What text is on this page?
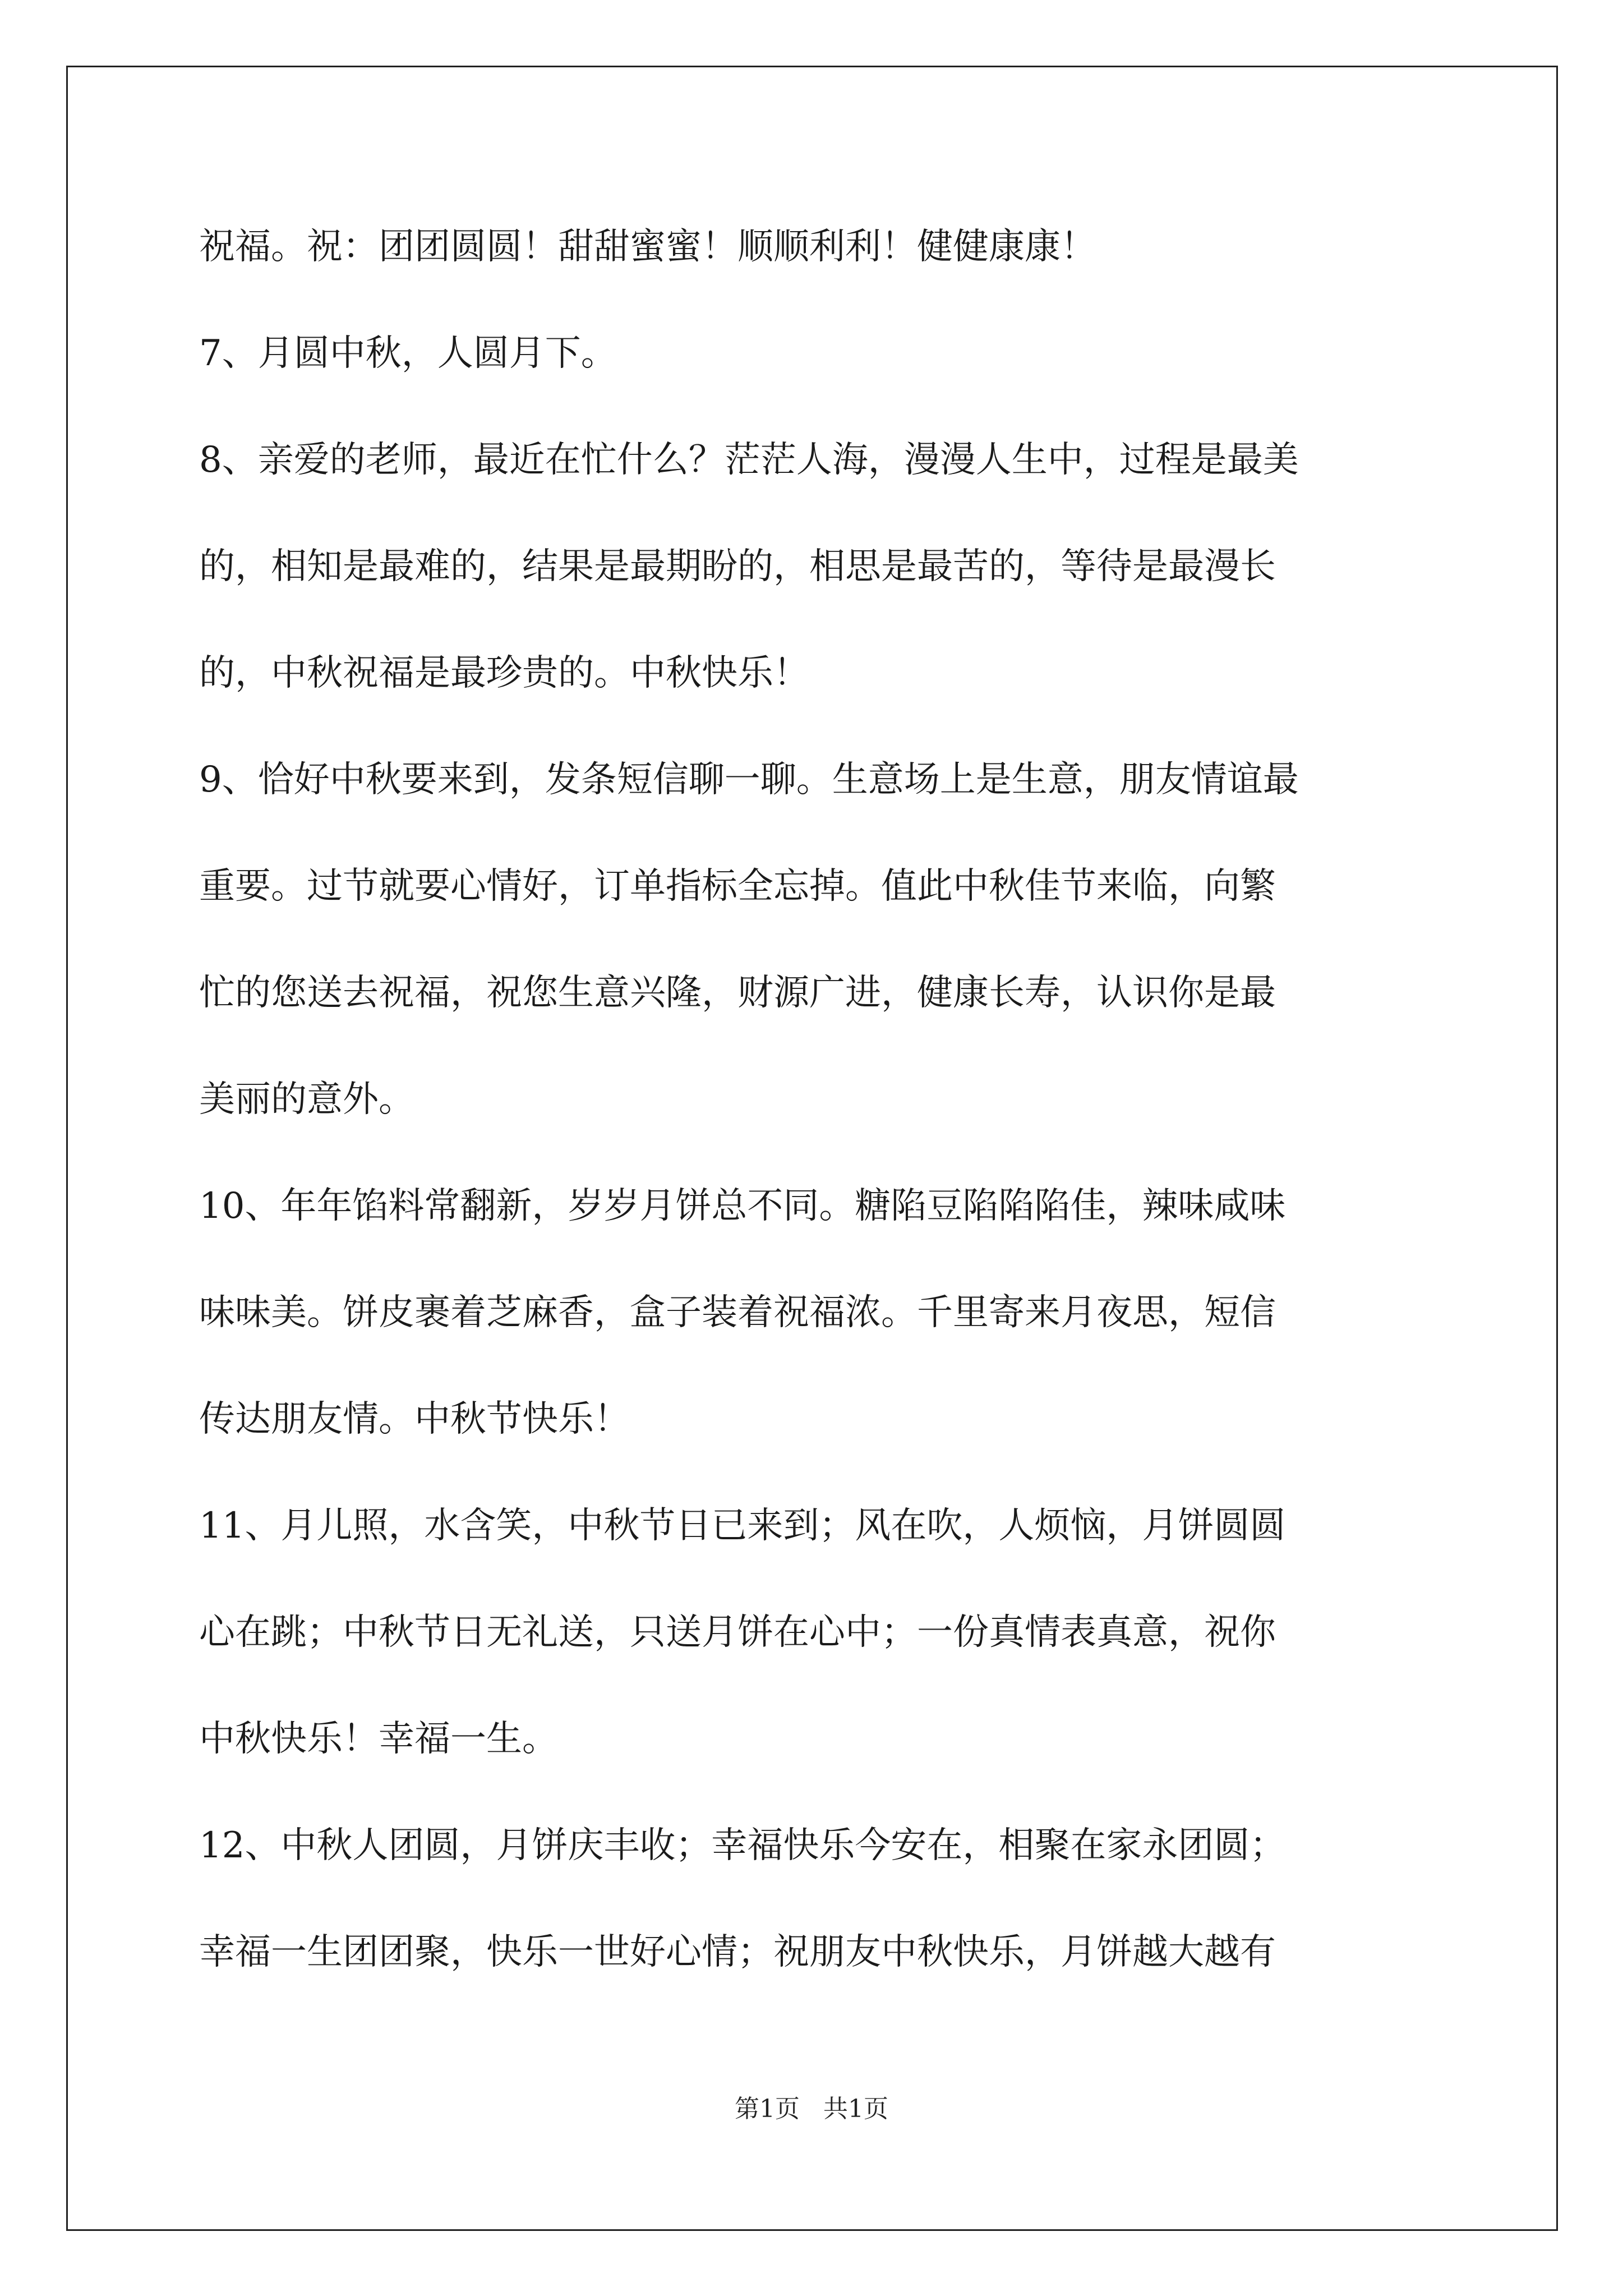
祝福。祝：团团圆圆！甜甜蜜蜜！顺顺利利！健健康康！
7、月圆中秋，人圆月下。
8、亲爱的老师，最近在忙什么？茫茫人海，漫漫人生中，过程是最美
的，相知是最难的，结果是最期盼的，相思是最苦的，等待是最漫长
的，中秋祝福是最珍贵的。中秋快乐！
9、恰好中秋要来到，发条短信聊一聊。生意场上是生意，朋友情谊最
重要。过节就要心情好，订单指标全忘掉。值此中秋佳节来临，向繁
忙的您送去祝福，祝您生意兴隆，财源广进，健康长寿，认识你是最
美丽的意外。
10、年年馅料常翻新，岁岁月饼总不同。糖陷豆陷陷陷佳，辣味咸味
味味美。饼皮裹着芝麻香，盒子装着祝福浓。千里寄来月夜思，短信
传达朋友情。中秋节快乐！
11、月儿照，水含笑，中秋节日已来到；风在吹，人烦恼，月饼圆圆
心在跳；中秋节日无礼送，只送月饼在心中；一份真情表真意，祝你
中秋快乐！幸福一生。
12、中秋人团圆，月饼庆丰收；幸福快乐今安在，相聚在家永团圆；
幸福一生团团聚，快乐一世好心情；祝朋友中秋快乐，月饼越大越有
第1页   共1页
